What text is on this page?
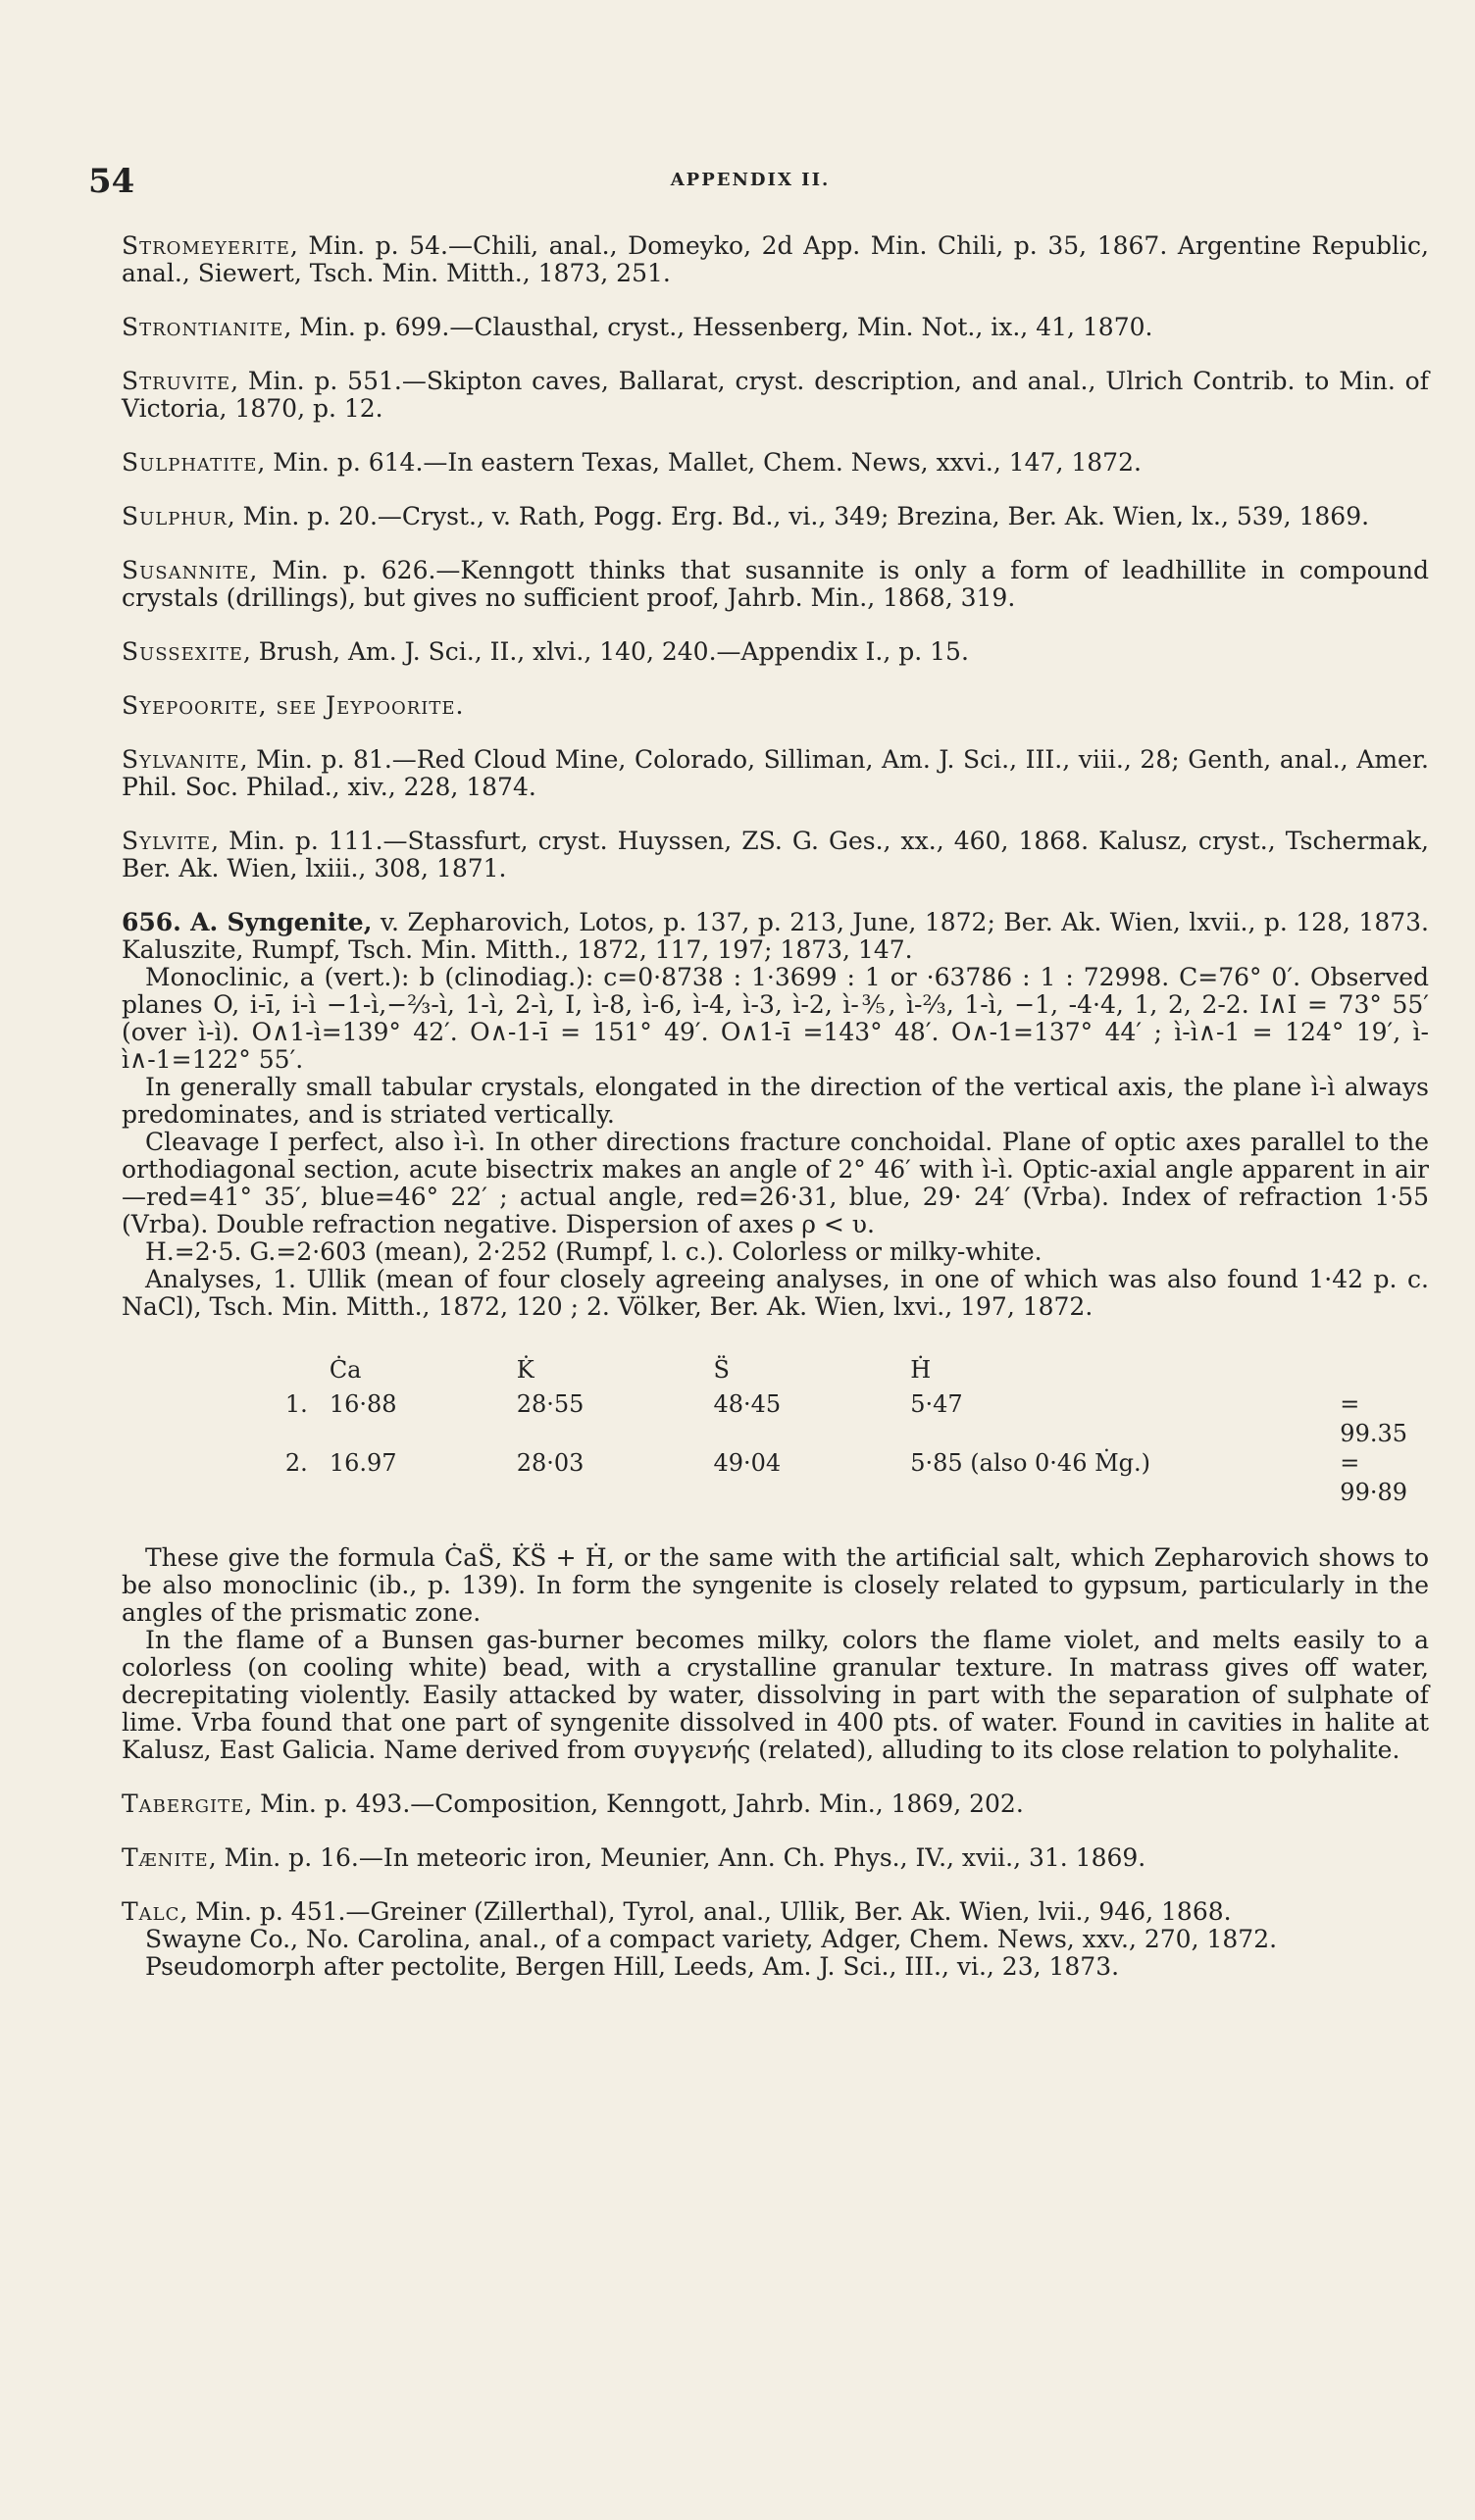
54	APPENDIX II.

Stromeyerite, Min. p. 54.—Chili, anal., Domeyko, 2d App. Min. Chili, p. 35, 1867. Argentine Republic, anal., Siewert, Tsch. Min. Mitth., 1873, 251.

Strontianite, Min. p. 699.—Clausthal, cryst., Hessenberg, Min. Not., ix., 41, 1870.

Struvite, Min. p. 551.—Skipton caves, Ballarat, cryst. description, and anal., Ulrich Contrib. to Min. of Victoria, 1870, p. 12.

Sulphatite, Min. p. 614.—In eastern Texas, Mallet, Chem. News, xxvi., 147, 1872.

Sulphur, Min. p. 20.—Cryst., v. Rath, Pogg. Erg. Bd., vi., 349; Brezina, Ber. Ak. Wien, lx., 539, 1869.

Susannite, Min. p. 626.—Kenngott thinks that susannite is only a form of leadhillite in compound crystals (drillings), but gives no sufficient proof, Jahrb. Min., 1868, 319.

Sussexite, Brush, Am. J. Sci., II., xlvi., 140, 240.—Appendix I., p. 15.

Syepoorite, see Jeypoorite.

Sylvanite, Min. p. 81.—Red Cloud Mine, Colorado, Silliman, Am. J. Sci., III., viii., 28; Genth, anal., Amer. Phil. Soc. Philad., xiv., 228, 1874.

Sylvite, Min. p. 111.—Stassfurt, cryst. Huyssen, ZS. G. Ges., xx., 460, 1868. Kalusz, cryst., Tschermak, Ber. Ak. Wien, lxiii., 308, 1871.

656. A. Syngenite, v. Zepharovich, Lotos, p. 137, p. 213, June, 1872; Ber. Ak. Wien, lxvii., p. 128, 1873. Kaluszite, Rumpf, Tsch. Min. Mitth., 1872, 117, 197; 1873, 147.

Monoclinic, a (vert.): b (clinodiag.): c=0·8738 : 1·3699 : 1 or ·63786 : 1 : 72998. C=76° 0′. Observed planes O, i-ī, i-ì −1-ì,−⅔-ì, 1-ì, 2-ì, I, ì-8, ì-6, ì-4, ì-3, ì-2, ì-⅗, ì-⅔, 1-ì, −1, -4·4, 1, 2, 2-2. I∧I = 73° 55′ (over ì-ì). O∧1-ì=139° 42′. O∧-1-ī = 151° 49′. O∧1-ī =143° 48′. O∧-1=137° 44′ ; ì-ì∧-1 = 124° 19′, ì-ì∧-1=122° 55′.

In generally small tabular crystals, elongated in the direction of the vertical axis, the plane ì-ì always predominates, and is striated vertically.

Cleavage I perfect, also ì-ì. In other directions fracture conchoidal. Plane of optic axes parallel to the orthodiagonal section, acute bisectrix makes an angle of 2° 46′ with ì-ì. Optic-axial angle apparent in air—red=41° 35′, blue=46° 22′ ; actual angle, red=26·31, blue, 29· 24′ (Vrba). Index of refraction 1·55 (Vrba). Double refraction negative. Dispersion of axes ρ < υ.

H.=2·5. G.=2·603 (mean), 2·252 (Rumpf, l. c.). Colorless or milky-white.

Analyses, 1. Ullik (mean of four closely agreeing analyses, in one of which was also found 1·42 p. c. NaCl), Tsch. Min. Mitth., 1872, 120 ; 2. Völker, Ber. Ak. Wien, lxvi., 197, 1872.

	Ċa	K̇	S̈	Ḣ	
1.	16·88	28·55	48·45	5·47	= 99.35
2.	16.97	28·03	49·04	5·85 (also 0·46 Ṁg.)	= 99·89

These give the formula ĊaS̈, K̇S̈ + Ḣ, or the same with the artificial salt, which Zepharovich shows to be also monoclinic (ib., p. 139). In form the syngenite is closely related to gypsum, particularly in the angles of the prismatic zone.

In the flame of a Bunsen gas-burner becomes milky, colors the flame violet, and melts easily to a colorless (on cooling white) bead, with a crystalline granular texture. In matrass gives off water, decrepitating violently. Easily attacked by water, dissolving in part with the separation of sulphate of lime. Vrba found that one part of syngenite dissolved in 400 pts. of water. Found in cavities in halite at Kalusz, East Galicia. Name derived from συγγενής (related), alluding to its close relation to polyhalite.

Tabergite, Min. p. 493.—Composition, Kenngott, Jahrb. Min., 1869, 202.

Tænite, Min. p. 16.—In meteoric iron, Meunier, Ann. Ch. Phys., IV., xvii., 31. 1869.

Talc, Min. p. 451.—Greiner (Zillerthal), Tyrol, anal., Ullik, Ber. Ak. Wien, lvii., 946, 1868.

Swayne Co., No. Carolina, anal., of a compact variety, Adger, Chem. News, xxv., 270, 1872.

Pseudomorph after pectolite, Bergen Hill, Leeds, Am. J. Sci., III., vi., 23, 1873.
